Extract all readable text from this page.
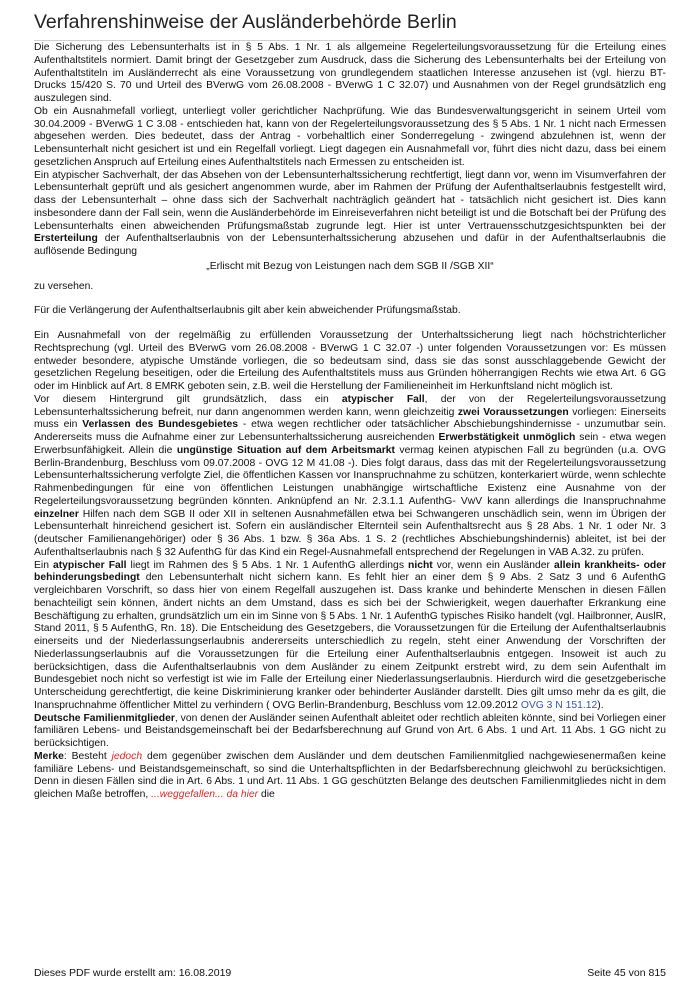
Verfahrenshinweise der Ausländerbehörde Berlin

Die Sicherung des Lebensunterhalts ist in § 5 Abs. 1 Nr. 1 als allgemeine Regelerteilungsvoraussetzung für die Erteilung eines Aufenthaltstitels normiert. Damit bringt der Gesetzgeber zum Ausdruck, dass die Sicherung des Lebensunterhalts bei der Erteilung von Aufenthaltstiteln im Ausländerrecht als eine Voraussetzung von grundlegendem staatlichen Interesse anzusehen ist (vgl. hierzu BT-Drucks 15/420 S. 70 und Urteil des BVerwG vom 26.08.2008 - BVerwG 1 C 32.07) und Ausnahmen von der Regel grundsätzlich eng auszulegen sind.

Ob ein Ausnahmefall vorliegt, unterliegt voller gerichtlicher Nachprüfung. Wie das Bundesverwaltungsgericht in seinem Urteil vom 30.04.2009 - BVerwG 1 C 3.08 - entschieden hat, kann von der Regelerteilungsvoraussetzung des § 5 Abs. 1 Nr. 1 nicht nach Ermessen abgesehen werden. Dies bedeutet, dass der Antrag - vorbehaltlich einer Sonderregelung - zwingend abzulehnen ist, wenn der Lebensunterhalt nicht gesichert ist und ein Regelfall vorliegt. Liegt dagegen ein Ausnahmefall vor, führt dies nicht dazu, dass bei einem gesetzlichen Anspruch auf Erteilung eines Aufenthaltstitels nach Ermessen zu entscheiden ist.

Ein atypischer Sachverhalt, der das Absehen von der Lebensunterhaltssicherung rechtfertigt, liegt dann vor, wenn im Visumverfahren der Lebensunterhalt geprüft und als gesichert angenommen wurde, aber im Rahmen der Prüfung der Aufenthaltserlaubnis festgestellt wird, dass der Lebensunterhalt – ohne dass sich der Sachverhalt nachträglich geändert hat - tatsächlich nicht gesichert ist. Dies kann insbesondere dann der Fall sein, wenn die Ausländerbehörde im Einreiseverfahren nicht beteiligt ist und die Botschaft bei der Prüfung des Lebensunterhalts einen abweichenden Prüfungsmaßstab zugrunde legt. Hier ist unter Vertrauensschutzgesichtspunkten bei der Ersterteilung der Aufenthaltserlaubnis von der Lebensunterhaltssicherung abzusehen und dafür in der Aufenthaltserlaubnis die auflösende Bedingung

„Erlischt mit Bezug von Leistungen nach dem SGB II /SGB XII“

zu versehen.

Für die Verlängerung der Aufenthaltserlaubnis gilt aber kein abweichender Prüfungsmaßstab.

Ein Ausnahmefall von der regelmäßig zu erfüllenden Voraussetzung der Unterhaltssicherung liegt nach höchstrichterlicher Rechtsprechung (vgl. Urteil des BVerwG vom 26.08.2008 - BVerwG 1 C 32.07 -) unter folgenden Voraussetzungen vor: Es müssen entweder besondere, atypische Umstände vorliegen, die so bedeutsam sind, dass sie das sonst ausschlaggebende Gewicht der gesetzlichen Regelung beseitigen, oder die Erteilung des Aufenthaltstitels muss aus Gründen höherrangigen Rechts wie etwa Art. 6 GG oder im Hinblick auf Art. 8 EMRK geboten sein, z.B. weil die Herstellung der Familieneinheit im Herkunftsland nicht möglich ist.

Vor diesem Hintergrund gilt grundsätzlich, dass ein atypischer Fall, der von der Regelerteilungsvoraussetzung Lebensunterhaltssicherung befreit, nur dann angenommen werden kann, wenn gleichzeitig zwei Voraussetzungen vorliegen: Einerseits muss ein Verlassen des Bundesgebietes - etwa wegen rechtlicher oder tatsächlicher Abschiebungshindernisse - unzumutbar sein. Andererseits muss die Aufnahme einer zur Lebensunterhaltssicherung ausreichenden Erwerbstätigkeit unmöglich sein - etwa wegen Erwerbsunfähigkeit. Allein die ungünstige Situation auf dem Arbeitsmarkt vermag keinen atypischen Fall zu begründen (u.a. OVG Berlin-Brandenburg, Beschluss vom 09.07.2008 - OVG 12 M 41.08 -). Dies folgt daraus, dass das mit der Regelerteilungsvoraussetzung Lebensunterhaltssicherung verfolgte Ziel, die öffentlichen Kassen vor Inanspruchnahme zu schützen, konterkariert würde, wenn schlechte Rahmenbedingungen für eine von öffentlichen Leistungen unabhängige wirtschaftliche Existenz eine Ausnahme von der Regelerteilungsvoraussetzung begründen könnten. Anknüpfend an Nr. 2.3.1.1 AufenthG- VwV kann allerdings die Inanspruchnahme einzelner Hilfen nach dem SGB II oder XII in seltenen Ausnahmefällen etwa bei Schwangeren unschädlich sein, wenn im Übrigen der Lebensunterhalt hinreichend gesichert ist. Sofern ein ausländischer Elternteil sein Aufenthaltsrecht aus § 28 Abs. 1 Nr. 1 oder Nr. 3 (deutscher Familienangehöriger) oder § 36 Abs. 1 bzw. § 36a Abs. 1 S. 2 (rechtliches Abschiebungshindernis) ableitet, ist bei der Aufenthaltserlaubnis nach § 32 AufenthG für das Kind ein Regel-Ausnahmefall entsprechend der Regelungen in VAB A.32. zu prüfen.

Ein atypischer Fall liegt im Rahmen des § 5 Abs. 1 Nr. 1 AufenthG allerdings nicht vor, wenn ein Ausländer allein krankheits- oder behinderungsbedingt den Lebensunterhalt nicht sichern kann. Es fehlt hier an einer dem § 9 Abs. 2 Satz 3 und 6 AufenthG vergleichbaren Vorschrift, so dass hier von einem Regelfall auszugehen ist. Dass kranke und behinderte Menschen in diesen Fällen benachteiligt sein können, ändert nichts an dem Umstand, dass es sich bei der Schwierigkeit, wegen dauerhafter Erkrankung eine Beschäftigung zu erhalten, grundsätzlich um ein im Sinne von § 5 Abs. 1 Nr. 1 AufenthG typisches Risiko handelt (vgl. Hailbronner, AuslR, Stand 2011, § 5 AufenthG, Rn. 18). Die Entscheidung des Gesetzgebers, die Voraussetzungen für die Erteilung der Aufenthaltserlaubnis einerseits und der Niederlassungserlaubnis andererseits unterschiedlich zu regeln, steht einer Anwendung der Vorschriften der Niederlassungserlaubnis auf die Voraussetzungen für die Erteilung einer Aufenthaltserlaubnis entgegen. Insoweit ist auch zu berücksichtigen, dass die Aufenthaltserlaubnis von dem Ausländer zu einem Zeitpunkt erstrebt wird, zu dem sein Aufenthalt im Bundesgebiet noch nicht so verfestigt ist wie im Falle der Erteilung einer Niederlassungserlaubnis. Hierdurch wird die gesetzgeberische Unterscheidung gerechtfertigt, die keine Diskriminierung kranker oder behinderter Ausländer darstellt. Dies gilt umso mehr da es gilt, die Inanspruchnahme öffentlicher Mittel zu verhindern ( OVG Berlin-Brandenburg, Beschluss vom 12.09.2012 OVG 3 N 151.12).

Deutsche Familienmitglieder, von denen der Ausländer seinen Aufenthalt ableitet oder rechtlich ableiten könnte, sind bei Vorliegen einer familiären Lebens- und Beistandsgemeinschaft bei der Bedarfsberechnung auf Grund von Art. 6 Abs. 1 und Art. 11 Abs. 1 GG nicht zu berücksichtigen.

Merke: Besteht jedoch dem gegenüber zwischen dem Ausländer und dem deutschen Familienmitglied nachgewiesenermaßen keine familiäre Lebens- und Beistandsgemeinschaft, so sind die Unterhaltspflichten in der Bedarfsberechnung gleichwohl zu berücksichtigen. Denn in diesen Fällen sind die in Art. 6 Abs. 1 und Art. 11 Abs. 1 GG geschützten Belange des deutschen Familienmitgliedes nicht in dem gleichen Maße betroffen, ...weggefallen... da hier die

Dieses PDF wurde erstellt am: 16.08.2019	Seite 45 von 815
